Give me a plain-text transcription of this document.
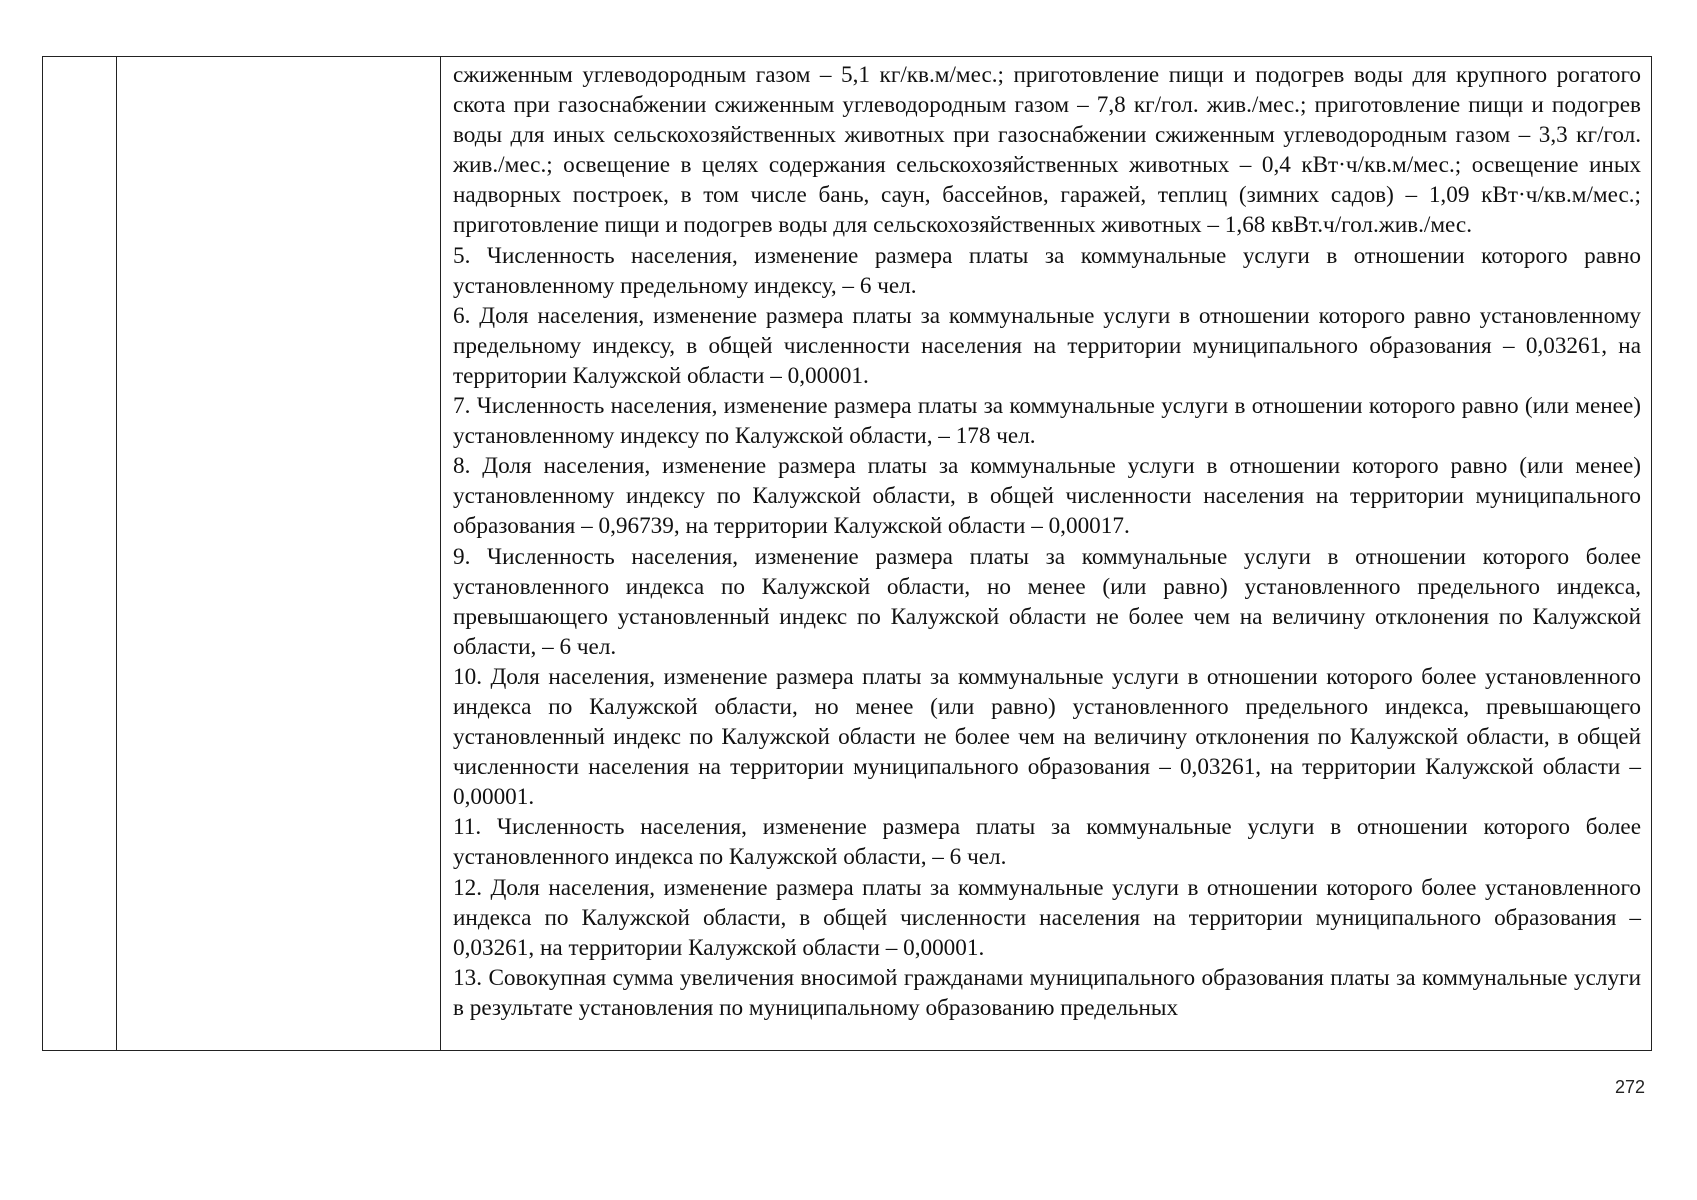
сжиженным углеводородным газом – 5,1 кг/кв.м/мес.; приготовление пищи и подогрев воды для крупного рогатого скота при газоснабжении сжиженным углеводородным газом – 7,8 кг/гол. жив./мес.; приготовление пищи и подогрев воды для иных сельскохозяйственных животных при газоснабжении сжиженным углеводородным газом – 3,3 кг/гол. жив./мес.; освещение в целях содержания сельскохозяйственных животных – 0,4 кВт·ч/кв.м/мес.; освещение иных надворных построек, в том числе бань, саун, бассейнов, гаражей, теплиц (зимних садов) – 1,09 кВт·ч/кв.м/мес.; приготовление пищи и подогрев воды для сельскохозяйственных животных – 1,68 квВт.ч/гол.жив./мес.

5. Численность населения, изменение размера платы за коммунальные услуги в отношении которого равно установленному предельному индексу, – 6 чел.

6. Доля населения, изменение размера платы за коммунальные услуги в отношении которого равно установленному предельному индексу, в общей численности населения на территории муниципального образования – 0,03261, на территории Калужской области – 0,00001.

7. Численность населения, изменение размера платы за коммунальные услуги в отношении которого равно (или менее) установленному индексу по Калужской области, – 178 чел.

8. Доля населения, изменение размера платы за коммунальные услуги в отношении которого равно (или менее) установленному индексу по Калужской области, в общей численности населения на территории муниципального образования – 0,96739, на территории Калужской области – 0,00017.

9. Численность населения, изменение размера платы за коммунальные услуги в отношении которого более установленного индекса по Калужской области, но менее (или равно) установленного предельного индекса, превышающего установленный индекс по Калужской области не более чем на величину отклонения по Калужской области, – 6 чел.

10. Доля населения, изменение размера платы за коммунальные услуги в отношении которого более установленного индекса по Калужской области, но менее (или равно) установленного предельного индекса, превышающего установленный индекс по Калужской области не более чем на величину отклонения по Калужской области, в общей численности населения на территории муниципального образования – 0,03261, на территории Калужской области – 0,00001.

11. Численность населения, изменение размера платы за коммунальные услуги в отношении которого более установленного индекса по Калужской области, – 6 чел.

12. Доля населения, изменение размера платы за коммунальные услуги в отношении которого более установленного индекса по Калужской области, в общей численности населения на территории муниципального образования – 0,03261, на территории Калужской области – 0,00001.

13. Совокупная сумма увеличения вносимой гражданами муниципального образования платы за коммунальные услуги в результате установления по муниципальному образованию предельных

272
